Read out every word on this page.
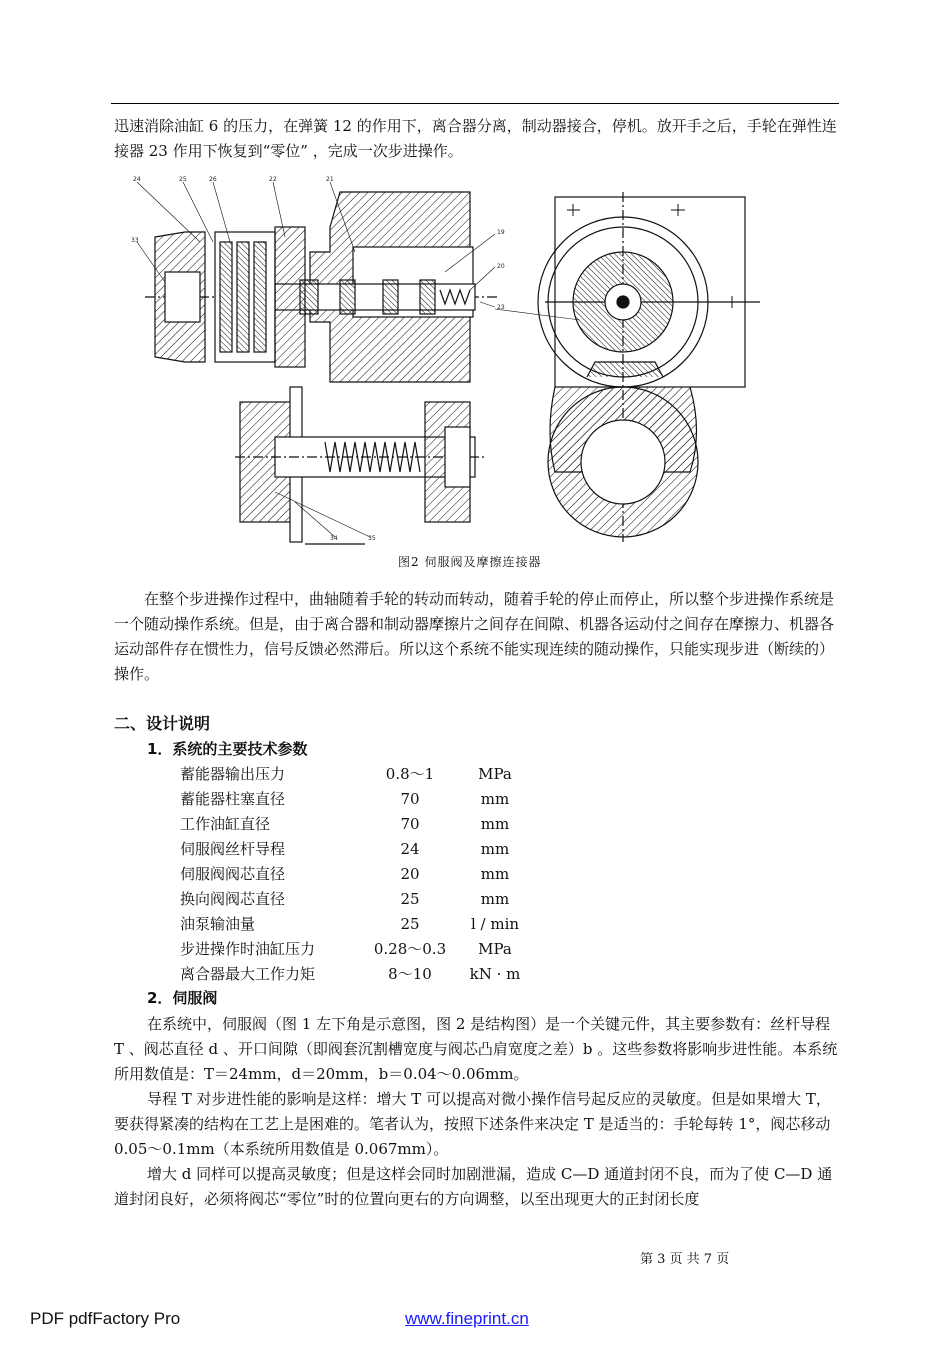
迅速消除油缸 6 的压力，在弹簧 12 的作用下，离合器分离，制动器接合，停机。放开手之后，手轮在弹性连接器 23 作用下恢复到“零位” ，完成一次步进操作。

24	25	26	22	21
19
20
23
33
34	35
图2 伺服阀及摩擦连接器

在整个步进操作过程中，曲轴随着手轮的转动而转动，随着手轮的停止而停止，所以整个步进操作系统是一个随动操作系统。但是，由于离合器和制动器摩擦片之间存在间隙、机器各运动付之间存在摩擦力、机器各运动部件存在惯性力，信号反馈必然滞后。所以这个系统不能实现连续的随动操作，只能实现步进（断续的）操作。

二、设计说明
1．系统的主要技术参数
蓄能器输出压力	0.8～1	MPa
蓄能器柱塞直径	70	mm
工作油缸直径	70	mm
伺服阀丝杆导程	24	mm
伺服阀阀芯直径	20	mm
换向阀阀芯直径	25	mm
油泵输油量	25	l / min
步进操作时油缸压力	0.28～0.3	MPa
离合器最大工作力矩	8～10	kN · m
2．伺服阀

在系统中，伺服阀（图 1 左下角是示意图，图 2 是结构图）是一个关键元件，其主要参数有：丝杆导程 T 、阀芯直径 d 、开口间隙（即阀套沉割槽宽度与阀芯凸肩宽度之差）b 。这些参数将影响步进性能。本系统所用数值是：T＝24mm，d＝20mm，b＝0.04～0.06mm。

导程 T 对步进性能的影响是这样：增大 T 可以提高对微小操作信号起反应的灵敏度。但是如果增大 T，要获得紧凑的结构在工艺上是困难的。笔者认为，按照下述条件来决定 T 是适当的：手轮每转 1°，阀芯移动 0.05～0.1mm（本系统所用数值是 0.067mm）。

增大 d 同样可以提高灵敏度；但是这样会同时加剧泄漏，造成 C—D 通道封闭不良，而为了使 C—D 通道封闭良好，必须将阀芯“零位”时的位置向更右的方向调整，以至出现更大的正封闭长度

第 3 页 共 7 页
PDF pdfFactory Pro	www.fineprint.cn
